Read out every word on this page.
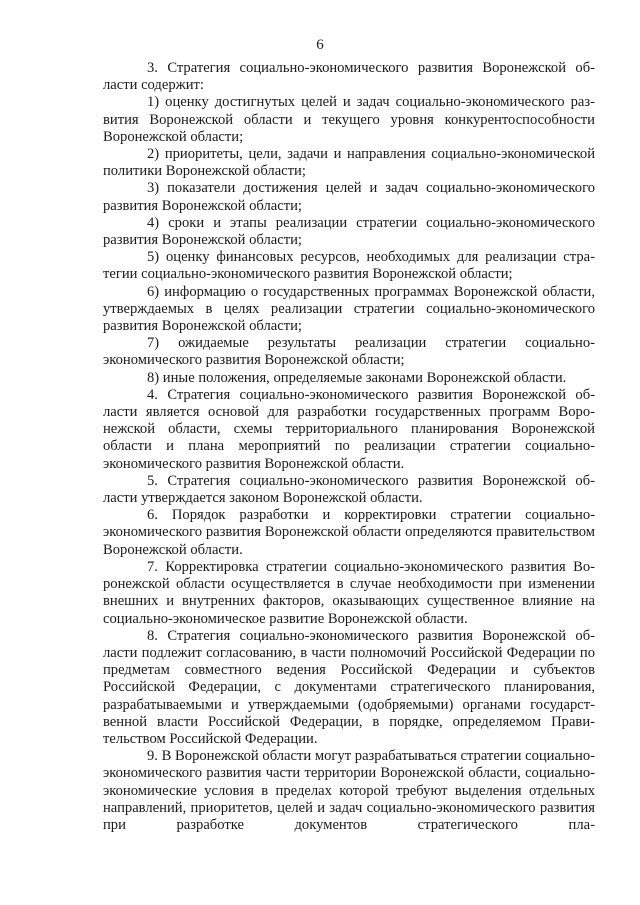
6

3. Стратегия социально-экономического развития Воронежской области содержит:

1) оценку достигнутых целей и задач социально-экономического развития Воронежской области и текущего уровня конкурентоспособности Воронежской области;

2) приоритеты, цели, задачи и направления социально-экономической политики Воронежской области;

3) показатели достижения целей и задач социально-экономического развития Воронежской области;

4) сроки и этапы реализации стратегии социально-экономического развития Воронежской области;

5) оценку финансовых ресурсов, необходимых для реализации стратегии социально-экономического развития Воронежской области;

6) информацию о государственных программах Воронежской области, утверждаемых в целях реализации стратегии социально-экономического развития Воронежской области;

7) ожидаемые результаты реализации стратегии социально-экономического развития Воронежской области;

8) иные положения, определяемые законами Воронежской области.

4. Стратегия социально-экономического развития Воронежской области является основой для разработки государственных программ Воронежской области, схемы территориального планирования Воронежской области и плана мероприятий по реализации стратегии социально-экономического развития Воронежской области.

5. Стратегия социально-экономического развития Воронежской области утверждается законом Воронежской области.

6. Порядок разработки и корректировки стратегии социально-экономического развития Воронежской области определяются правительством Воронежской области.

7. Корректировка стратегии социально-экономического развития Воронежской области осуществляется в случае необходимости при изменении внешних и внутренних факторов, оказывающих существенное влияние на социально-экономическое развитие Воронежской области.

8. Стратегия социально-экономического развития Воронежской области подлежит согласованию, в части полномочий Российской Федерации по предметам совместного ведения Российской Федерации и субъектов Российской Федерации, с документами стратегического планирования, разрабатываемыми и утверждаемыми (одобряемыми) органами государственной власти Российской Федерации, в порядке, определяемом Правительством Российской Федерации.

9. В Воронежской области могут разрабатываться стратегии социально-экономического развития части территории Воронежской области, социально-экономические условия в пределах которой требуют выделения отдельных направлений, приоритетов, целей и задач социально-экономического развития при разработке документов стратегического пла-
